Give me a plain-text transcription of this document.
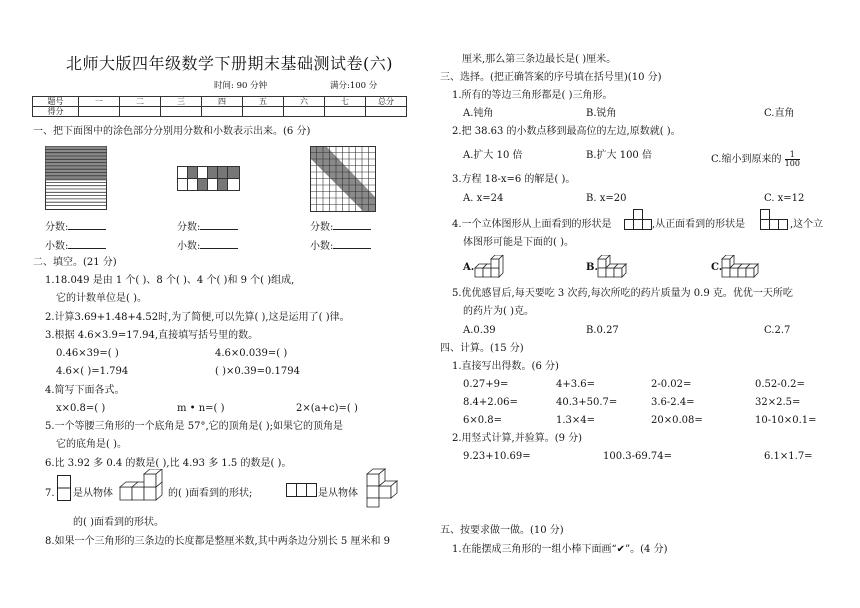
北师大版四年级数学下册期末基础测试卷(六)
时间: 90 分钟	满分:100 分
题号	一	二	三	四	五	六	七	总分
得分								
一、把下面图中的涂色部分分别用分数和小数表示出来。(6 分)
分数:
小数:
分数:
小数:
分数:
小数:
二、填空。(21 分)
1.18.049 是由 1 个( )、8 个( )、4 个( )和 9 个( )组成,
它的计数单位是( )。
2.计算3.69+1.48+4.52时,为了简便,可以先算( ),这是运用了( )律。
3.根据 4.6×3.9=17.94,直接填写括号里的数。
0.46×39=( )	4.6×0.039=( )
4.6×( )=1.794	( )×0.39=0.1794
4.简写下面各式。
x×0.8=( )	m • n=( )	2×(a+c)=( )
5.一个等腰三角形的一个底角是 57°,它的顶角是( );如果它的顶角是
它的底角是( )。
6.比 3.92 多 0.4 的数是( ),比 4.93 多 1.5 的数是( )。
7. 是从物体	的( )面看到的形状;	是从物体
的( )面看到的形状。
8.如果一个三角形的三条边的长度都是整厘米数,其中两条边分别长 5 厘米和 9
厘米,那么第三条边最长是( )厘米。
三、选择。(把正确答案的序号填在括号里)(10 分)
1.所有的等边三角形都是( )三角形。
A.钝角	B.锐角	C.直角
2.把 38.63 的小数点移到最高位的左边,原数就( )。
A.扩大 10 倍	B.扩大 100 倍	C.缩小到原来的 $\frac{1}{100}$
3.方程 18-x=6 的解是( )。
A. x=24	B. x=20	C. x=12
4.一个立体图形从上面看到的形状是	,从正面看到的形状是	,这个立
体图形可能是下面的( )。
A.	B.	C.
5.优优感冒后,每天要吃 3 次药,每次所吃的药片质量为 0.9 克。优优一天所吃
的药片为( )克。
A.0.39	B.0.27	C.2.7
四、计算。(15 分)
1.直接写出得数。(6 分)
0.27+9=	4+3.6=	2-0.02=	0.52-0.2=
8.4+2.06=	40.3+50.7=	3.6-2.4=	32×2.5=
6×0.8=	1.3×4=	20×0.08=	10-10×0.1=
2.用竖式计算,并验算。(9 分)
9.23+10.69=	100.3-69.74=	6.1×1.7=
五、按要求做一做。(10 分)
1.在能摆成三角形的一组小棒下面画“✔”。(4 分)
